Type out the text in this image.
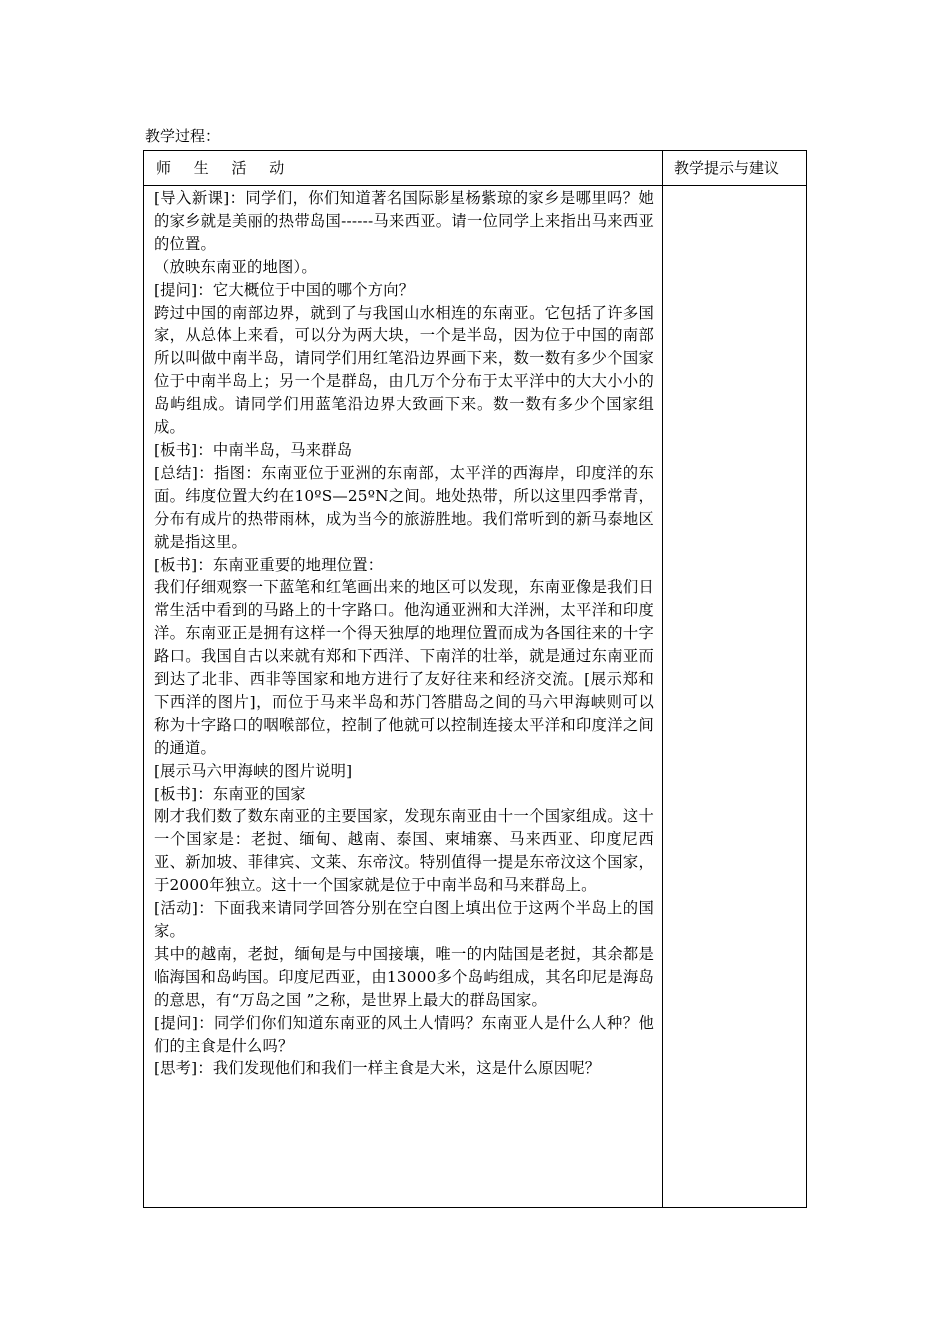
教学过程：
师 生 活 动	教学提示与建议

[导入新课]：同学们，你们知道著名国际影星杨紫琼的家乡是哪里吗？她的家乡就是美丽的热带岛国------马来西亚。请一位同学上来指出马来西亚的位置。

（放映东南亚的地图）。

[提问]：它大概位于中国的哪个方向？

跨过中国的南部边界，就到了与我国山水相连的东南亚。它包括了许多国家，从总体上来看，可以分为两大块，一个是半岛，因为位于中国的南部所以叫做中南半岛，请同学们用红笔沿边界画下来，数一数有多少个国家位于中南半岛上；另一个是群岛，由几万个分布于太平洋中的大大小小的岛屿组成。请同学们用蓝笔沿边界大致画下来。数一数有多少个国家组成。

[板书]：中南半岛，马来群岛

[总结]：指图：东南亚位于亚洲的东南部，太平洋的西海岸，印度洋的东面。纬度位置大约在10ºS—25ºN之间。地处热带，所以这里四季常青，分布有成片的热带雨林，成为当今的旅游胜地。我们常听到的新马泰地区就是指这里。

[板书]：东南亚重要的地理位置：

我们仔细观察一下蓝笔和红笔画出来的地区可以发现，东南亚像是我们日常生活中看到的马路上的十字路口。他沟通亚洲和大洋洲，太平洋和印度洋。东南亚正是拥有这样一个得天独厚的地理位置而成为各国往来的十字路口。我国自古以来就有郑和下西洋、下南洋的壮举，就是通过东南亚而到达了北非、西非等国家和地方进行了友好往来和经济交流。[展示郑和下西洋的图片]，而位于马来半岛和苏门答腊岛之间的马六甲海峡则可以称为十字路口的咽喉部位，控制了他就可以控制连接太平洋和印度洋之间的通道。

[展示马六甲海峡的图片说明]

[板书]：东南亚的国家

刚才我们数了数东南亚的主要国家，发现东南亚由十一个国家组成。这十一个国家是：老挝、缅甸、越南、泰国、柬埔寨、马来西亚、印度尼西亚、新加坡、菲律宾、文莱、东帝汶。特别值得一提是东帝汶这个国家，于2000年独立。这十一个国家就是位于中南半岛和马来群岛上。

[活动]：下面我来请同学回答分别在空白图上填出位于这两个半岛上的国家。

其中的越南，老挝，缅甸是与中国接壤，唯一的内陆国是老挝，其余都是临海国和岛屿国。印度尼西亚，由13000多个岛屿组成，其名印尼是海岛的意思，有“万岛之国 ”之称，是世界上最大的群岛国家。

[提问]：同学们你们知道东南亚的风土人情吗？东南亚人是什么人种？他们的主食是什么吗？

[思考]：我们发现他们和我们一样主食是大米，这是什么原因呢？
